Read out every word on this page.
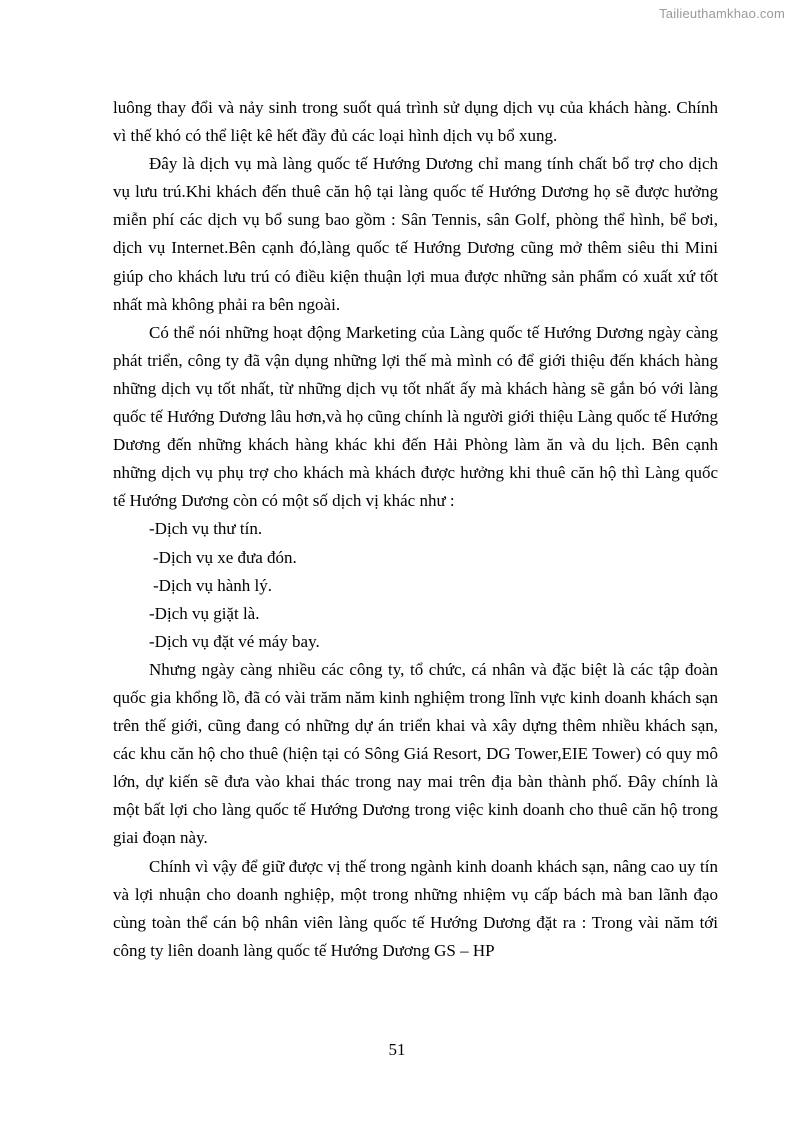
Tailieuthamkhao.com

luông thay đổi và nảy sinh trong suốt quá trình sử dụng dịch vụ của khách hàng. Chính vì thế khó có thể liệt kê hết đầy đủ các loại hình dịch vụ bổ xung.

Đây là dịch vụ mà làng quốc tế Hướng Dương chỉ mang tính chất bổ trợ cho dịch vụ lưu trú.Khi khách đến thuê căn hộ tại làng quốc tế Hướng Dương họ sẽ được hưởng miễn phí các dịch vụ bổ sung bao gồm : Sân Tennis, sân Golf, phòng thể hình, bể bơi, dịch vụ Internet.Bên cạnh đó,làng quốc tế Hướng Dương cũng mở thêm siêu thi Mini giúp cho khách lưu trú có điều kiện thuận lợi mua được những sản phẩm có xuất xứ tốt nhất mà không phải ra bên ngoài.

Có thể nói những hoạt động Marketing của Làng quốc tế Hướng Dương ngày càng phát triển, công ty đã vận dụng những lợi thế mà mình có để giới thiệu đến khách hàng những dịch vụ tốt nhất, từ những dịch vụ tốt nhất ấy mà khách hàng sẽ gắn bó với làng quốc tế Hướng Dương lâu hơn,và họ cũng chính là người giới thiệu Làng quốc tế Hướng Dương đến những khách hàng khác khi đến Hải Phòng làm ăn và du lịch. Bên cạnh những dịch vụ phụ trợ cho khách mà khách được hưởng khi thuê căn hộ thì Làng quốc tế Hướng Dương còn có một số dịch vị khác như :

-Dịch vụ thư tín.

-Dịch vụ xe đưa đón.

-Dịch vụ hành lý.

-Dịch vụ giặt là.

-Dịch vụ đặt vé máy bay.

Nhưng ngày càng nhiều các công ty, tổ chức, cá nhân và đặc biệt là các tập đoàn quốc gia khổng lồ, đã có vài trăm năm kinh nghiệm trong lĩnh vực kinh doanh khách sạn trên thế giới, cũng đang có những dự án triển khai và xây dựng thêm nhiều khách sạn, các khu căn hộ cho thuê (hiện tại có Sông Giá Resort, DG Tower,EIE Tower) có quy mô lớn, dự kiến sẽ đưa vào khai thác trong nay mai trên địa bàn thành phố. Đây chính là một bất lợi cho làng quốc tế Hướng Dương trong việc kinh doanh cho thuê căn hộ trong giai đoạn này.

Chính vì vậy để giữ được vị thế trong ngành kinh doanh khách sạn, nâng cao uy tín và lợi nhuận cho doanh nghiệp, một trong những nhiệm vụ cấp bách mà ban lãnh đạo cùng toàn thể cán bộ nhân viên làng quốc tế Hướng Dương đặt ra : Trong vài năm tới công ty liên doanh làng quốc tế Hướng Dương GS – HP

51
